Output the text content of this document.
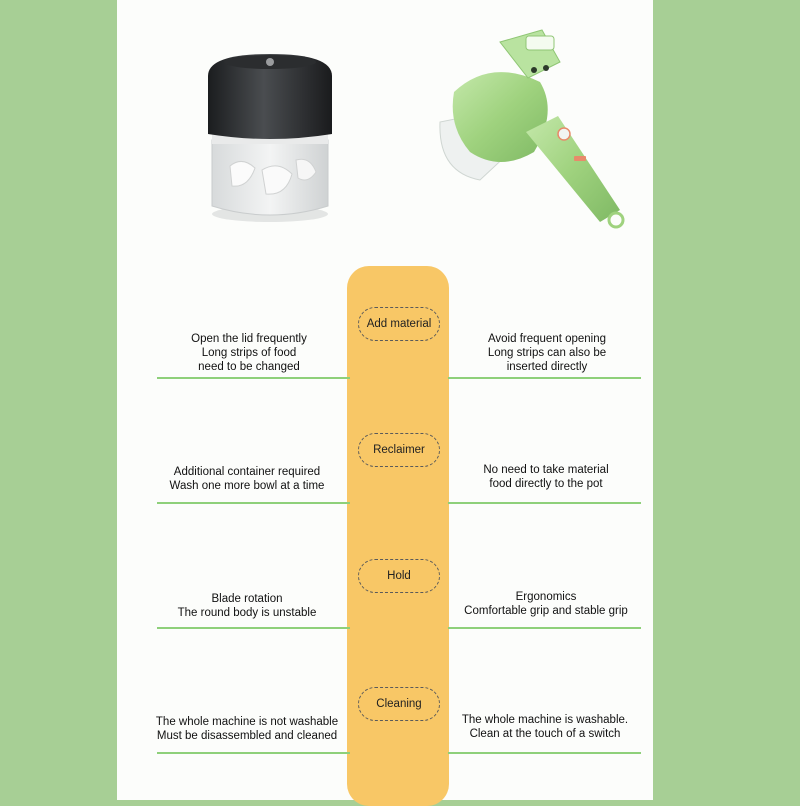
Add material
Open the lid frequently
Long strips of food
need to be changed
Avoid frequent opening
Long strips can also be
inserted directly
Reclaimer
Additional container required
Wash one more bowl at a time
No need to take material
food directly to the pot
Hold
Blade rotation
The round body is unstable
Ergonomics
Comfortable grip and stable grip
Cleaning
The whole machine is not washable
Must be disassembled and cleaned
The whole machine is washable.
Clean at the touch of a switch
